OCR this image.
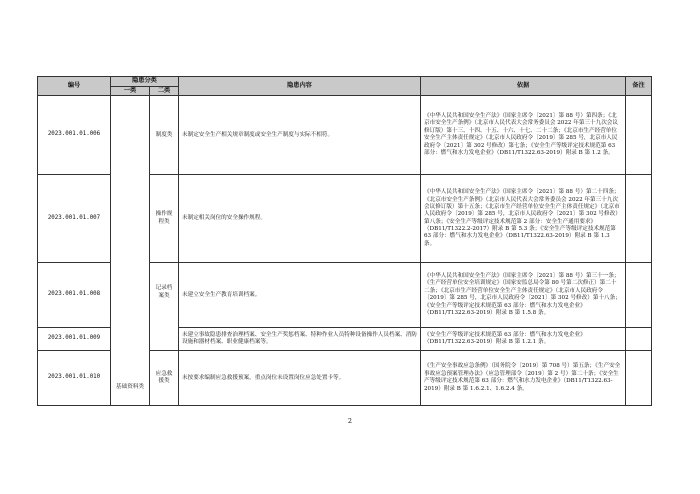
编号	隐患分类		隐患内容	依据	备注
	一类	二类			
2023.001.01.006	基础资料类	制度类	未制定安全生产相关规章制度或安全生产制度与实际不相符。	《中华人民共和国安全生产法》（国家主席令〔2021〕第 88 号）第四条；《北京市安全生产条例》（北京市人民代表大会常务委员会 2022 年第三十九次会议修订版）第十三、十四、十五、十六、十七、二十二条；《北京市生产经营单位安全生产主体责任规定》（北京市人民政府令〔2019〕第 285 号，北京市人民政府令〔2021〕第 302 号修改）第七条；《安全生产等级评定技术规范第 63 部分：燃气和水力发电企业》（DB11/T1322.63-2019）附录 B 第 1.2 条。	
2023.001.01.007		操作规程类	未制定相关岗位的安全操作规程。	《中华人民共和国安全生产法》（国家主席令〔2021〕第 88 号）第二十四条；《北京市安全生产条例》（北京市人民代表大会常务委员会 2022 年第三十九次会议修订版）第十五条；《北京市生产经营单位安全生产主体责任规定》（北京市人民政府令〔2019〕第 285 号，北京市人民政府令〔2021〕第 302 号修改）第八条；《安全生产等级评定技术规范第 2 部分：安全生产通用要求》（DB11/T1322.2-2017）附录 B 第 5.3 条；《安全生产等级评定技术规范第 63 部分：燃气和水力发电企业》（DB11/T1322.63-2019）附录 B 第 1.3 条。	
2023.001.01.008		记录档案类	未建立安全生产教育培训档案。	《中华人民共和国安全生产法》（国家主席令〔2021〕第 88 号）第三十一条；《生产经营单位安全培训规定》（国家安监总局令第 80 号第二次修正）第二十二条；《北京市生产经营单位安全生产主体责任规定》（北京市人民政府令〔2019〕第 285 号，北京市人民政府令〔2021〕第 302 号修改）第十八条；《安全生产等级评定技术规范第 63 部分：燃气和水力发电企业》（DB11/T1322.63-2019）附录 B 第 1.5.8 条。	
2023.001.01.009			未建立事故隐患排查治理档案、安全生产奖惩档案、特种作业人员特种设备操作人员档案、消防设施和器材档案、职业健康档案等。	《安全生产等级评定技术规范第 63 部分：燃气和水力发电企业》（DB11/T1322.63-2019）附录 B 第 1.2.1 条。	
2023.001.01.010		应急救援类	未按要求编制应急救援预案，重点岗位未设置岗位应急处置卡等。	《生产安全事故应急条例》（国务院令〔2019〕第 708 号）第五条；《生产安全事故应急预案管理办法》（应急管理部令〔2019〕第 2 号）第二十条；《安全生产等级评定技术规范第 63 部分：燃气和水力发电企业》（DB11/T1322.63-2019）附录 B 第 1.6.2.1、1.6.2.4 条。	
2
